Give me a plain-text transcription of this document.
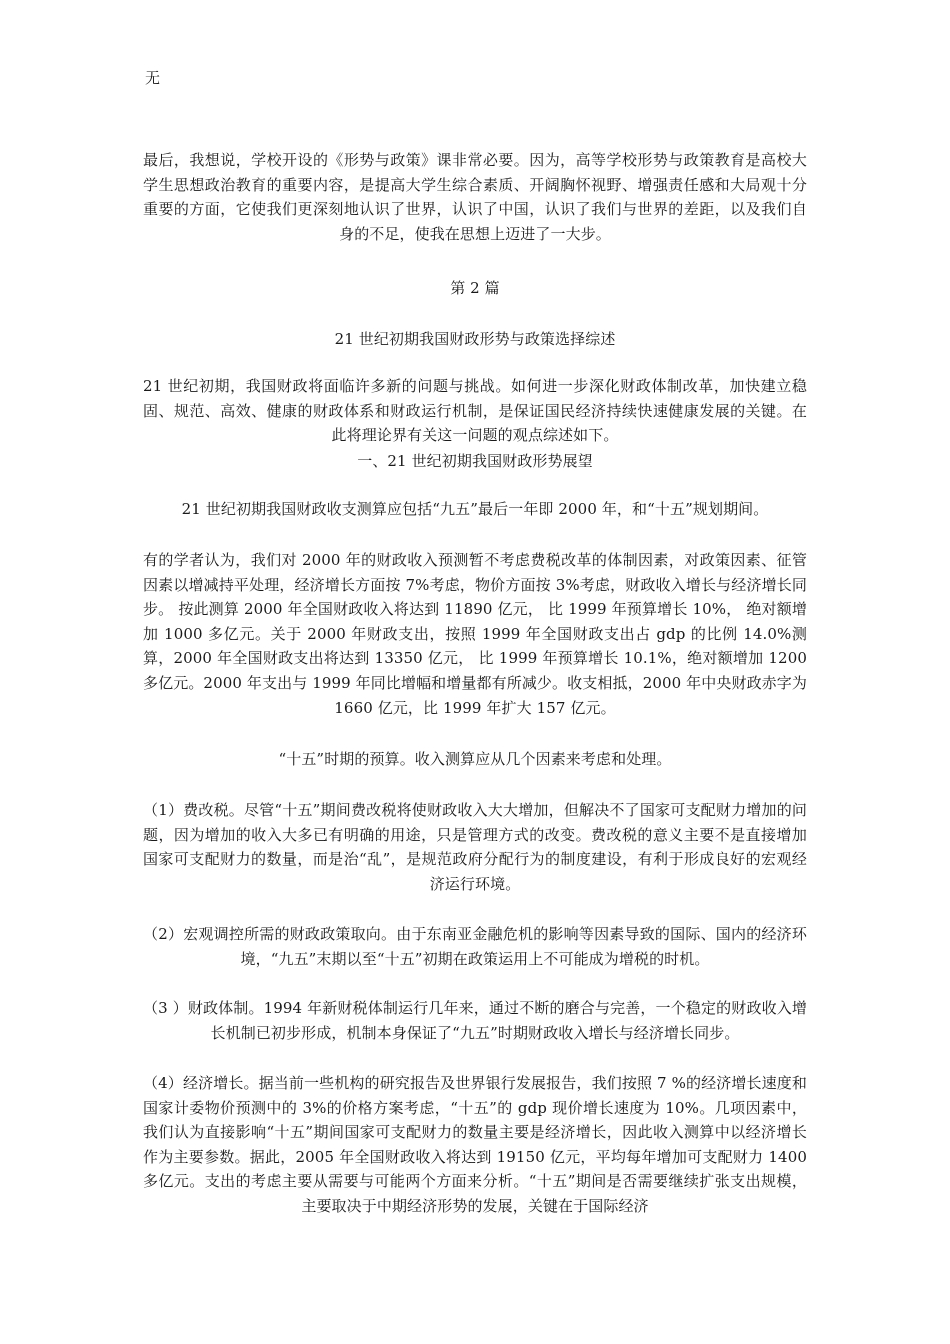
无
最后，我想说，学校开设的《形势与政策》课非常必要。因为，高等学校形势与政策教育是高校大学生思想政治教育的重要内容，是提高大学生综合素质、开阔胸怀视野、增强责任感和大局观十分重要的方面，它使我们更深刻地认识了世界，认识了中国，认识了我们与世界的差距，以及我们自身的不足，使我在思想上迈进了一大步。
第 2 篇
21 世纪初期我国财政形势与政策选择综述
21 世纪初期，我国财政将面临许多新的问题与挑战。如何进一步深化财政体制改革，加快建立稳固、规范、高效、健康的财政体系和财政运行机制，是保证国民经济持续快速健康发展的关键。在此将理论界有关这一问题的观点综述如下。
一、21 世纪初期我国财政形势展望
21 世纪初期我国财政收支测算应包括“九五”最后一年即 2000 年，和“十五”规划期间。
有的学者认为，我们对 2000 年的财政收入预测暂不考虑费税改革的体制因素，对政策因素、征管因素以增减持平处理，经济增长方面按 7%考虑，物价方面按 3%考虑，财政收入增长与经济增长同步。 按此测算 2000 年全国财政收入将达到 11890 亿元， 比 1999 年预算增长 10%， 绝对额增加 1000 多亿元。关于 2000 年财政支出，按照 1999 年全国财政支出占 gdp 的比例 14.0%测算，2000 年全国财政支出将达到 13350 亿元， 比 1999 年预算增长 10.1%，绝对额增加 1200 多亿元。2000 年支出与 1999 年同比增幅和增量都有所减少。收支相抵，2000 年中央财政赤字为 1660 亿元，比 1999 年扩大 157 亿元。
“十五”时期的预算。收入测算应从几个因素来考虑和处理。
（1）费改税。尽管“十五”期间费改税将使财政收入大大增加，但解决不了国家可支配财力增加的问题，因为增加的收入大多已有明确的用途，只是管理方式的改变。费改税的意义主要不是直接增加国家可支配财力的数量，而是治“乱”，是规范政府分配行为的制度建设，有利于形成良好的宏观经济运行环境。
（2）宏观调控所需的财政政策取向。由于东南亚金融危机的影响等因素导致的国际、国内的经济环境，“九五”末期以至“十五”初期在政策运用上不可能成为增税的时机。
（3 ）财政体制。1994 年新财税体制运行几年来，通过不断的磨合与完善，一个稳定的财政收入增长机制已初步形成，机制本身保证了“九五”时期财政收入增长与经济增长同步。
（4）经济增长。据当前一些机构的研究报告及世界银行发展报告，我们按照 7 %的经济增长速度和国家计委物价预测中的 3%的价格方案考虑，“十五”的 gdp 现价增长速度为 10%。几项因素中，我们认为直接影响“十五”期间国家可支配财力的数量主要是经济增长，因此收入测算中以经济增长作为主要参数。据此，2005 年全国财政收入将达到 19150 亿元，平均每年增加可支配财力 1400 多亿元。支出的考虑主要从需要与可能两个方面来分析。“十五”期间是否需要继续扩张支出规模，主要取决于中期经济形势的发展，关键在于国际经济
